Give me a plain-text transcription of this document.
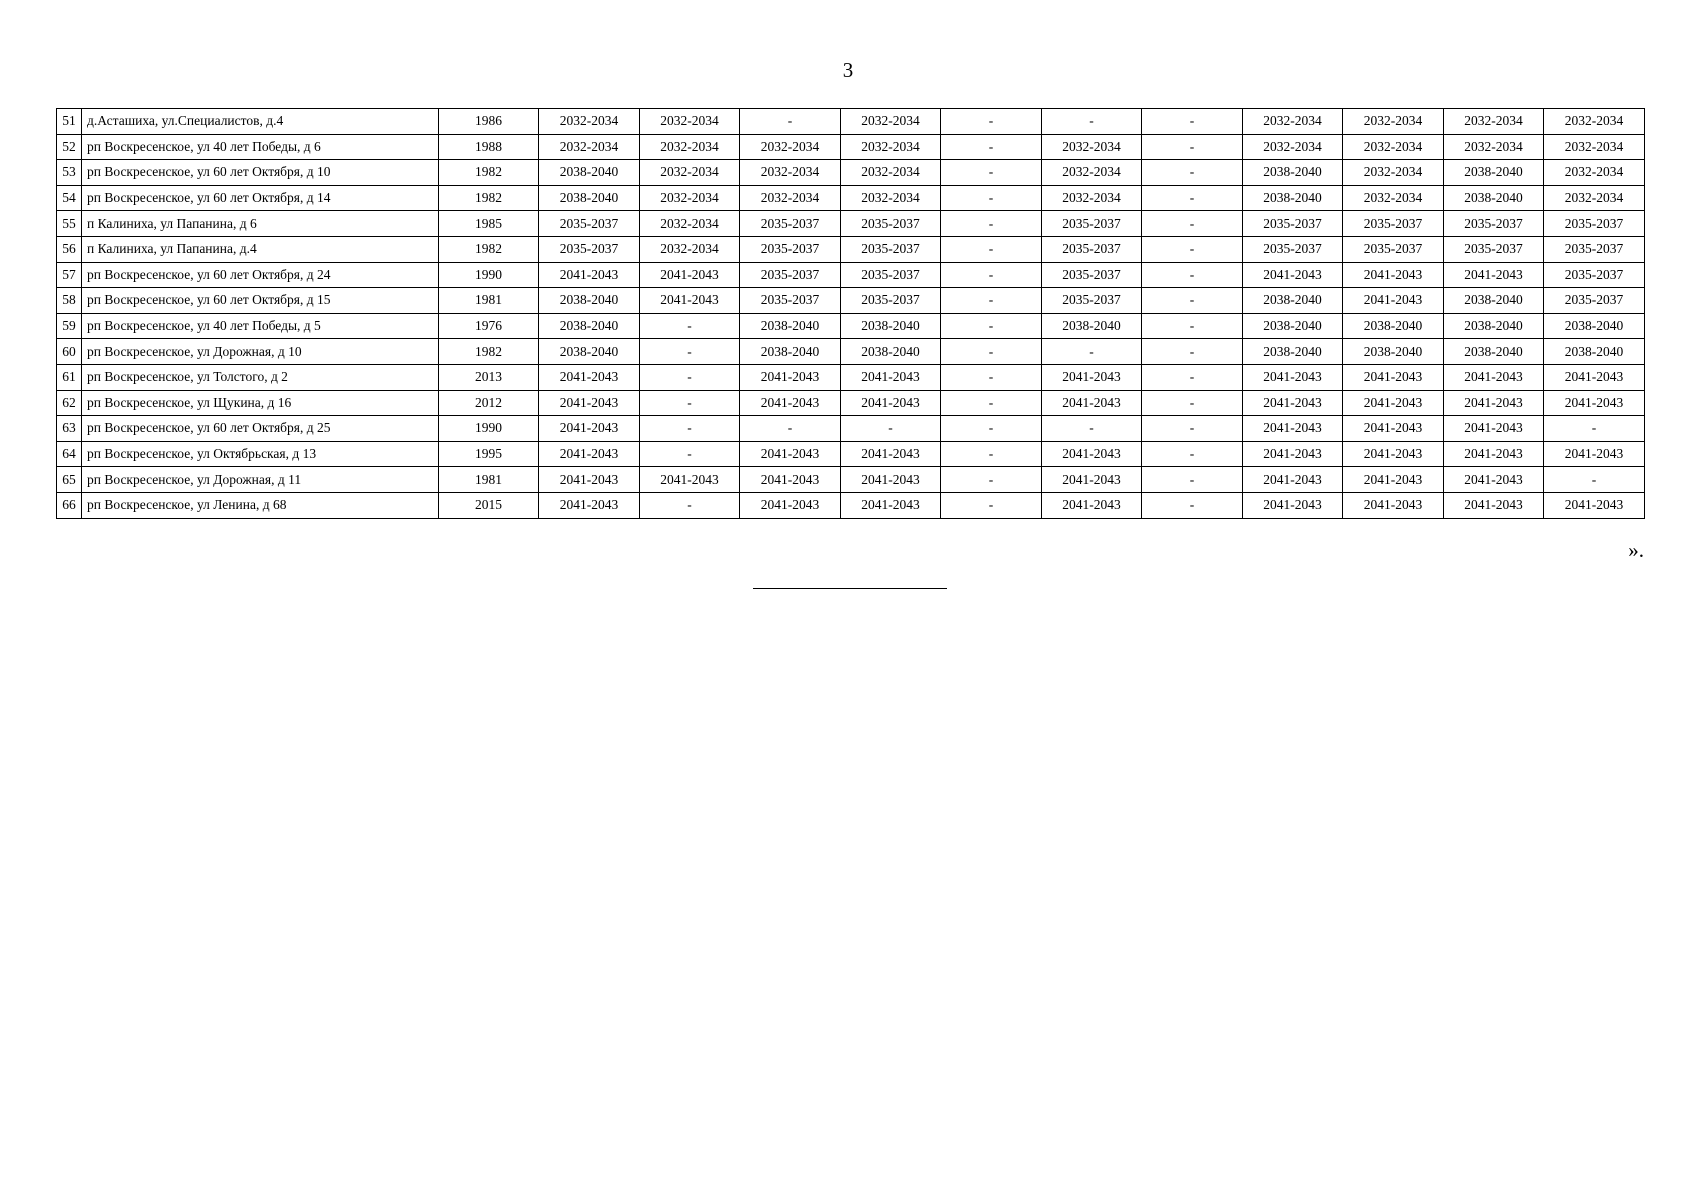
3
51	д.Асташиха, ул.Специалистов, д.4	1986	2032-2034	2032-2034	-	2032-2034	-	-	-	2032-2034	2032-2034	2032-2034	2032-2034
52	рп Воскресенское, ул 40 лет Победы, д 6	1988	2032-2034	2032-2034	2032-2034	2032-2034	-	2032-2034	-	2032-2034	2032-2034	2032-2034	2032-2034
53	рп Воскресенское, ул 60 лет Октября, д 10	1982	2038-2040	2032-2034	2032-2034	2032-2034	-	2032-2034	-	2038-2040	2032-2034	2038-2040	2032-2034
54	рп Воскресенское, ул 60 лет Октября, д 14	1982	2038-2040	2032-2034	2032-2034	2032-2034	-	2032-2034	-	2038-2040	2032-2034	2038-2040	2032-2034
55	п Калиниха, ул Папанина, д 6	1985	2035-2037	2032-2034	2035-2037	2035-2037	-	2035-2037	-	2035-2037	2035-2037	2035-2037	2035-2037
56	п Калиниха, ул Папанина, д.4	1982	2035-2037	2032-2034	2035-2037	2035-2037	-	2035-2037	-	2035-2037	2035-2037	2035-2037	2035-2037
57	рп Воскресенское, ул 60 лет Октября, д 24	1990	2041-2043	2041-2043	2035-2037	2035-2037	-	2035-2037	-	2041-2043	2041-2043	2041-2043	2035-2037
58	рп Воскресенское, ул 60 лет Октября, д 15	1981	2038-2040	2041-2043	2035-2037	2035-2037	-	2035-2037	-	2038-2040	2041-2043	2038-2040	2035-2037
59	рп Воскресенское, ул 40 лет Победы, д 5	1976	2038-2040	-	2038-2040	2038-2040	-	2038-2040	-	2038-2040	2038-2040	2038-2040	2038-2040
60	рп Воскресенское, ул Дорожная, д 10	1982	2038-2040	-	2038-2040	2038-2040	-	-	-	2038-2040	2038-2040	2038-2040	2038-2040
61	рп Воскресенское, ул Толстого, д 2	2013	2041-2043	-	2041-2043	2041-2043	-	2041-2043	-	2041-2043	2041-2043	2041-2043	2041-2043
62	рп Воскресенское, ул Щукина, д 16	2012	2041-2043	-	2041-2043	2041-2043	-	2041-2043	-	2041-2043	2041-2043	2041-2043	2041-2043
63	рп Воскресенское, ул 60 лет Октября, д 25	1990	2041-2043	-	-	-	-	-	-	2041-2043	2041-2043	2041-2043	-
64	рп Воскресенское, ул Октябрьская, д 13	1995	2041-2043	-	2041-2043	2041-2043	-	2041-2043	-	2041-2043	2041-2043	2041-2043	2041-2043
65	рп Воскресенское, ул Дорожная, д 11	1981	2041-2043	2041-2043	2041-2043	2041-2043	-	2041-2043	-	2041-2043	2041-2043	2041-2043	-
66	рп Воскресенское, ул Ленина, д 68	2015	2041-2043	-	2041-2043	2041-2043	-	2041-2043	-	2041-2043	2041-2043	2041-2043	2041-2043
».
